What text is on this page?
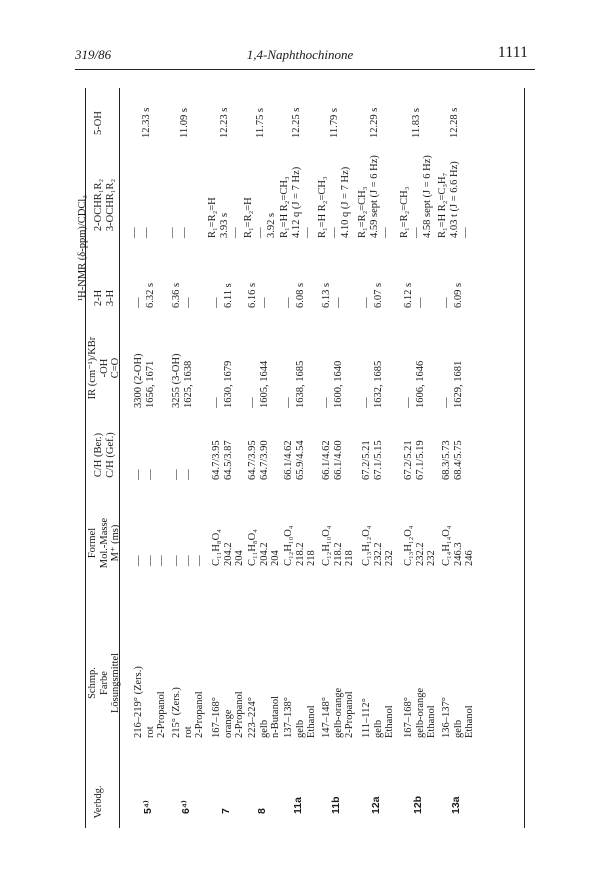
319/86	1,4-Naphthochinone	1111
Verbdg.
Schmp. Farbe Lösungsmittel
Formel Mol.-Masse M⁺ (ms)
C/H (Ber.) C/H (Gef.)
IR (cm⁻¹)/KBr -OH C=O
¹H-NMR (δ-ppm)/CDCl₃ 2-H 3-H
2-OCHR₁R₂ 3-OCHR₁R₂
5-OH
5⁴⁾
216–219° (Zers.) rot 2-Propanol
— — —
— —
3300 (2-OH) 1656, 1671
— 6.32 s
— —
12.33 s
6⁴⁾
215° (Zers.) rot 2-Propanol
— — —
— —
3255 (3-OH) 1625, 1638
6.36 s —
— —
11.09 s
7
167–168° orange 2-Propanol
C₁₁H₈O₄ 204.2 204
64.7/3.95 64.5/3.87
— 1630, 1679
— 6.11 s
R₁=R₂=H 3.93 s —
12.23 s
8
223–224° gelb n-Butanol
C₁₁H₈O₄ 204.2 204
64.7/3.95 64.7/3.90
— 1605, 1644
6.16 s —
R₁=R₂=H — 3.92 s
11.75 s
11a
137–138° gelb Ethanol
C₁₂H₁₀O₄ 218.2 218
66.1/4.62 65.9/4.54
— 1638, 1685
— 6.08 s
R₁=H R₂=CH₃ 4.12 q (J = 7 Hz) —
12.25 s
11b
147–148° gelb-orange 2-Propanol
C₁₂H₁₀O₄ 218.2 218
66.1/4.62 66.1/4.60
— 1600, 1640
6.13 s —
R₁=H R₂=CH₃ — 4.10 q (J = 7 Hz)
11.79 s
12a
111–112° gelb Ethanol
C₁₃H₁₂O₄ 232.2 232
67.2/5.21 67.1/5.15
— 1632, 1685
— 6.07 s
R₁=R₂=CH₃ 4.59 sept (J = 6 Hz) —
12.29 s
12b
167–168° gelb-orange Ethanol
C₁₃H₁₂O₄ 232.2 232
67.2/5.21 67.1/5.19
— 1606, 1646
6.12 s —
R₁=R₂=CH₃ — 4.58 sept (J = 6 Hz)
11.83 s
13a
136–137° gelb Ethanol
C₁₄H₁₄O₄ 246.3 246
68.3/5.73 68.4/5.75
— 1629, 1681
— 6.09 s
R₁=H R₂=C₃H₇ 4.03 t (J = 6.6 Hz) —
12.28 s
